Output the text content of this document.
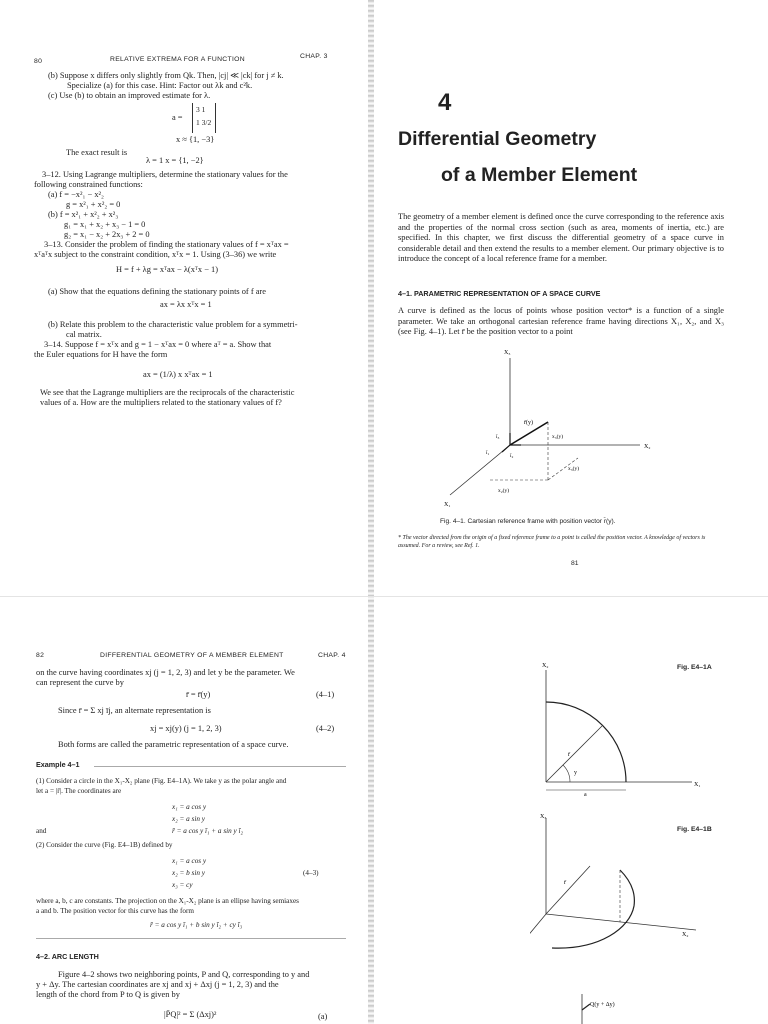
80	RELATIVE EXTREMA FOR A FUNCTION	CHAP. 3
(b) Suppose x differs only slightly from Qk. Then, |cj| ≪ |ck| for j ≠ k.
Specialize (a) for this case. Hint: Factor out λk and c²k.
(c) Use (b) to obtain an improved estimate for λ.
a =
3 1
1 3/2
x ≈ {1, −3}
The exact result is
λ = 1 x = {1, −2}
3–12. Using Lagrange multipliers, determine the stationary values for the
following constrained functions:
(a) f = −x²₁ − x²₂
g = x²₁ + x²₂ = 0
(b) f = x²₁ + x²₂ + x²₃
g₁ = x₁ + x₂ + x₃ − 1 = 0
g₂ = x₁ − x₂ + 2x₃ + 2 = 0
3–13. Consider the problem of finding the stationary values of f = xᵀax =
xᵀaᵀx subject to the constraint condition, xᵀx = 1. Using (3–36) we write
H = f + λg = xᵀax − λ(xᵀx − 1)
(a) Show that the equations defining the stationary points of f are
ax = λx xᵀx = 1
(b) Relate this problem to the characteristic value problem for a symmetri-
cal matrix.
3–14. Suppose f = xᵀx and g = 1 − xᵀax = 0 where aᵀ = a. Show that
the Euler equations for H have the form
ax = (1/λ) x xᵀax = 1
We see that the Lagrange multipliers are the reciprocals of the characteristic
values of a. How are the multipliers related to the stationary values of f?
4
Differential Geometry
of a Member Element
The geometry of a member element is defined once the curve corresponding to the reference axis and the properties of the normal cross section (such as area, moments of inertia, etc.) are specified. In this chapter, we first discuss the differential geometry of a space curve in considerable detail and then extend the results to a member element. Our primary objective is to introduce the concept of a local reference frame for a member.
4–1. PARAMETRIC REPRESENTATION OF A SPACE CURVE
A curve is defined as the locus of points whose position vector* is a function of a single parameter. We take an orthogonal cartesian reference frame having directions X₁, X₂, and X₃ (see Fig. 4–1). Let r̄ be the position vector to a point
X₃
X₂
X₁
r̄(y)
x₃(y)
x₃(y)
x₂(y)
ī₃
ī₁	ī₂
Fig. 4–1. Cartesian reference frame with position vector r̄(y).
* The vector directed from the origin of a fixed reference frame to a point is called the position vector. A knowledge of vectors is assumed. For a review, see Ref. 1.
81
82	DIFFERENTIAL GEOMETRY OF A MEMBER ELEMENT	CHAP. 4
on the curve having coordinates xj (j = 1, 2, 3) and let y be the parameter. We
can represent the curve by
r̄ = r̄(y)	(4–1)
Since r̄ = Σ xj īj, an alternate representation is
xj = xj(y) (j = 1, 2, 3)	(4–2)
Both forms are called the parametric representation of a space curve.
Example 4–1
(1) Consider a circle in the X₁-X₂ plane (Fig. E4–1A). We take y as the polar angle and
let a = |r̄|. The coordinates are
x₁ = a cos y
x₂ = a sin y
and	r̄ = a cos y ī₁ + a sin y ī₂
(2) Consider the curve (Fig. E4–1B) defined by
x₁ = a cos y
x₂ = b sin y	(4–3)
x₃ = cy
where a, b, c are constants. The projection on the X₁-X₂ plane is an ellipse having semiaxes
a and b. The position vector for this curve has the form
r̄ = a cos y ī₁ + b sin y ī₂ + cy ī₃
4–2. ARC LENGTH
Figure 4–2 shows two neighboring points, P and Q, corresponding to y and
y + Δy. The cartesian coordinates are xj and xj + Δxj (j = 1, 2, 3) and the
length of the chord from P to Q is given by
|P̄Q|² = Σ (Δxj)²	(a)
Fig. E4–1A
X₂
X₁
r̄
y
a
Fig. E4–1B
X₃
X₂
r̄
Q(y + Δy)
